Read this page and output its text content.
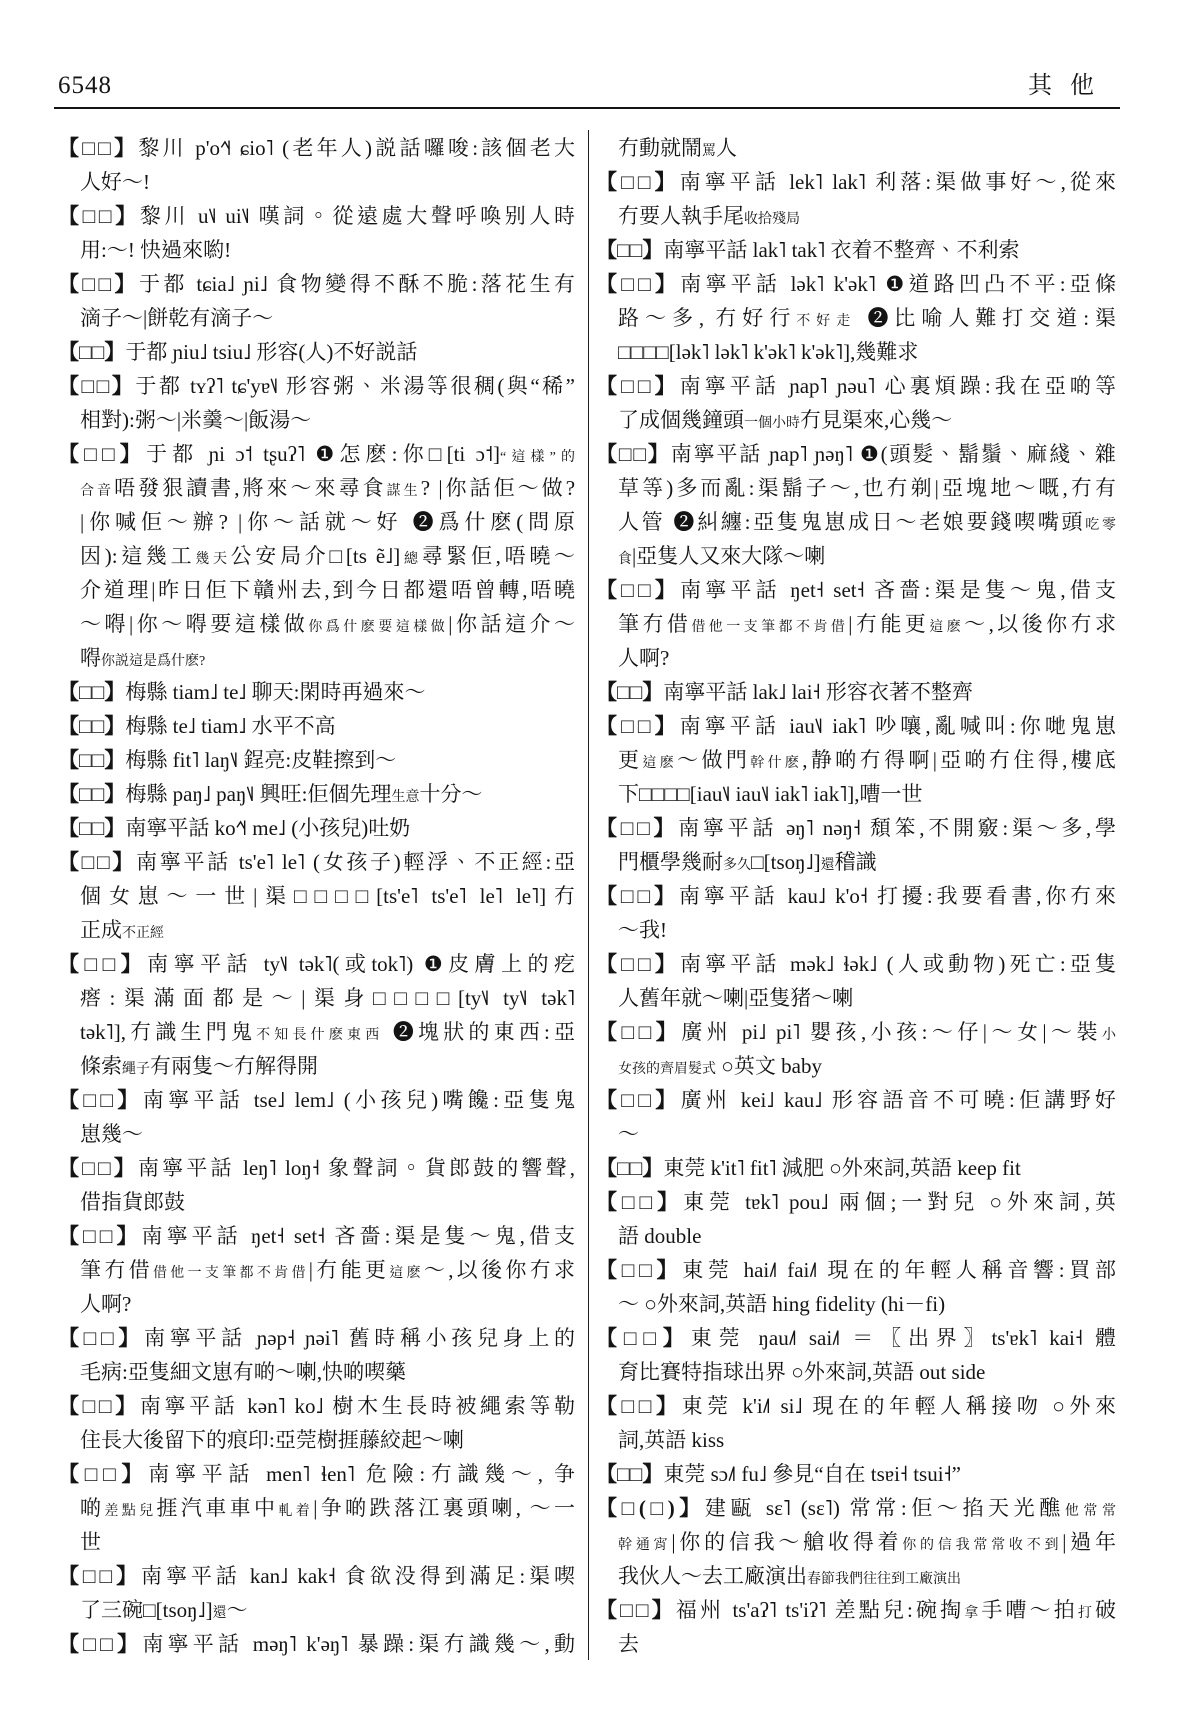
6548	其 他
【□□】黎川 p'o˧˥˧ ɕio˥ (老年人)説話囉唆:該個老大
人好～!
【□□】黎川 u˥˩ ui˥˩ 嘆詞。從遠處大聲呼喚别人時
用:～! 快過來喲!
【□□】于都 tɕia˩ ɲi˩ 食物變得不酥不脆:落花生有
滴子～|餅乾有滴子～
【□□】于都 ɲiu˩ tsiu˩ 形容(人)不好説話
【□□】于都 tʏʔ˥ tɕ'yɐ˥˩ 形容粥、米湯等很稠(與“稀”
相對):粥～|米羹～|飯湯～
【□□】于都 ɲi ɔ˦ tʂuʔ˥ ❶怎麽:你□[ti ɔ˦]“這樣”的
合音唔發狠讀書,將來～來尋食謀生? |你話佢～做?
|你喊佢～辦? |你～話就～好 ❷爲什麽(問原
因):這幾工幾天公安局介□[ts ẽ˩]總尋緊佢,唔曉～
介道理|昨日佢下贛州去,到今日都還唔曾轉,唔曉
～嘚|你～嘚要這樣做你爲什麽要這樣做|你話這介～
嘚你説這是爲什麽?
【□□】梅縣 tiam˩ te˩ 聊天:閑時再過來～
【□□】梅縣 te˩ tiam˩ 水平不高
【□□】梅縣 fit˥ laŋ˥˩ 鋥亮:皮鞋擦到～
【□□】梅縣 paŋ˩ paŋ˥˩ 興旺:佢個先理生意十分～
【□□】南寧平話 ko˧˥˧ me˩ (小孩兒)吐奶
【□□】南寧平話 ts'e˥ le˥ (女孩子)輕浮、不正經:亞
個女崽～一世|渠□□□□[ts'e˥ ts'e˥ le˥ le˥]冇
正成不正經
【□□】南寧平話 ty˥˩ tək˥(或tok˥) ❶皮膚上的疙
瘩:渠滿面都是～|渠身□□□□[ty˥˩ ty˥˩ tək˥
tək˥],冇識生門鬼不知長什麽東西 ❷塊狀的東西:亞
條索繩子有兩隻～冇解得開
【□□】南寧平話 tse˩ lem˩ (小孩兒)嘴饞:亞隻鬼
崽幾～
【□□】南寧平話 leŋ˥ loŋ˧ 象聲詞。貨郎鼓的響聲,
借指貨郎鼓
【□□】南寧平話 ŋet˧ set˧ 吝嗇:渠是隻～鬼,借支
筆冇借借他一支筆都不肯借|冇能更這麽～,以後你冇求
人啊?
【□□】南寧平話 ɲəp˧ ɲəi˥ 舊時稱小孩兒身上的
毛病:亞隻細文崽有啲～喇,快啲喫藥
【□□】南寧平話 kən˥ ko˩ 樹木生長時被繩索等勒
住長大後留下的痕印:亞莞樹捱藤絞起～喇
【□□】南寧平話 men˥ ɬen˥ 危險:冇識幾～, 争
啲差點兒捱汽車車中軋着|争啲跌落江裏頭喇, ～一
世
【□□】南寧平話 kan˩ kak˧ 食欲没得到滿足:渠喫
了三碗□[tsoŋ˩]還～
【□□】南寧平話 məŋ˥ k'əŋ˥ 暴躁:渠冇識幾～,動
冇動就鬧罵人
【□□】南寧平話 lek˥ lak˥ 利落:渠做事好～,從來
冇要人執手尾收拾殘局
【□□】南寧平話 lak˥ tak˥ 衣着不整齊、不利索
【□□】南寧平話 lək˥ k'ək˥ ❶道路凹凸不平:亞條
路～多, 冇好行不好走 ❷比喻人難打交道:渠
□□□□[lək˥ lək˥ k'ək˥ k'ək˥],幾難求
【□□】南寧平話 ɲap˥ ɲəu˥ 心裏煩躁:我在亞啲等
了成個幾鐘頭一個小時冇見渠來,心幾～
【□□】南寧平話 ɲap˥ ɲəŋ˥ ❶(頭髮、鬍鬚、麻綫、雜
草等)多而亂:渠鬍子～,也冇剃|亞塊地～嘅,冇有
人管 ❷糾纏:亞隻鬼崽成日～老娘要錢喫嘴頭吃零
食|亞隻人又來大隊～喇
【□□】南寧平話 ŋet˧ set˧ 吝嗇:渠是隻～鬼,借支
筆冇借借他一支筆都不肯借|冇能更這麽～,以後你冇求
人啊?
【□□】南寧平話 lak˩ lai˧ 形容衣著不整齊
【□□】南寧平話 iau˥˩ iak˥ 吵嚷,亂喊叫:你哋鬼崽
更這麽～做門幹什麽,静啲冇得啊|亞啲冇住得,樓底
下□□□□[iau˥˩ iau˥˩ iak˥ iak˥],嘈一世
【□□】南寧平話 əŋ˥ nəŋ˧ 頹笨,不開竅:渠～多,學
門櫃學幾耐多久□[tsoŋ˩]還稽識
【□□】南寧平話 kau˩ k'o˧ 打擾:我要看書,你冇來
～我!
【□□】南寧平話 mək˩ ɬək˩ (人或動物)死亡:亞隻
人舊年就～喇|亞隻猪～喇
【□□】廣州 pi˩ pi˥ 嬰孩,小孩:～仔|～女|～裝小
女孩的齊眉髮式 ○英文 baby
【□□】廣州 kei˩ kau˩ 形容語音不可曉:佢講野好
～
【□□】東莞 k'it˥ fit˥ 減肥 ○外來詞,英語 keep fit
【□□】東莞 tɐk˥ pou˩ 兩個;一對兒 ○外來詞,英
語 double
【□□】東莞 hai˩˥ fai˩˥ 現在的年輕人稱音響:買部
～ ○外來詞,英語 hing fidelity (hi－fi)
【□□】東莞 ŋau˩˥ sai˩˥ ＝〖出界〗ts'ɐk˥ kai˧ 體
育比賽特指球出界 ○外來詞,英語 out side
【□□】東莞 k'i˩˥ si˩ 現在的年輕人稱接吻 ○外來
詞,英語 kiss
【□□】東莞 sɔ˩˥ fu˩ 參見“自在 tsɐi˧ tsui˧”
【□(□)】建甌 sɛ˥ (sɛ˥) 常常:佢～掐天光醮他常常
幹通宵|你的信我～艙收得着你的信我常常收不到|過年
我伙人～去工廠演出春節我們往往到工廠演出
【□□】福州 ts'aʔ˥ ts'iʔ˥ 差點兒:碗掏拿手嘈～拍打破
去
